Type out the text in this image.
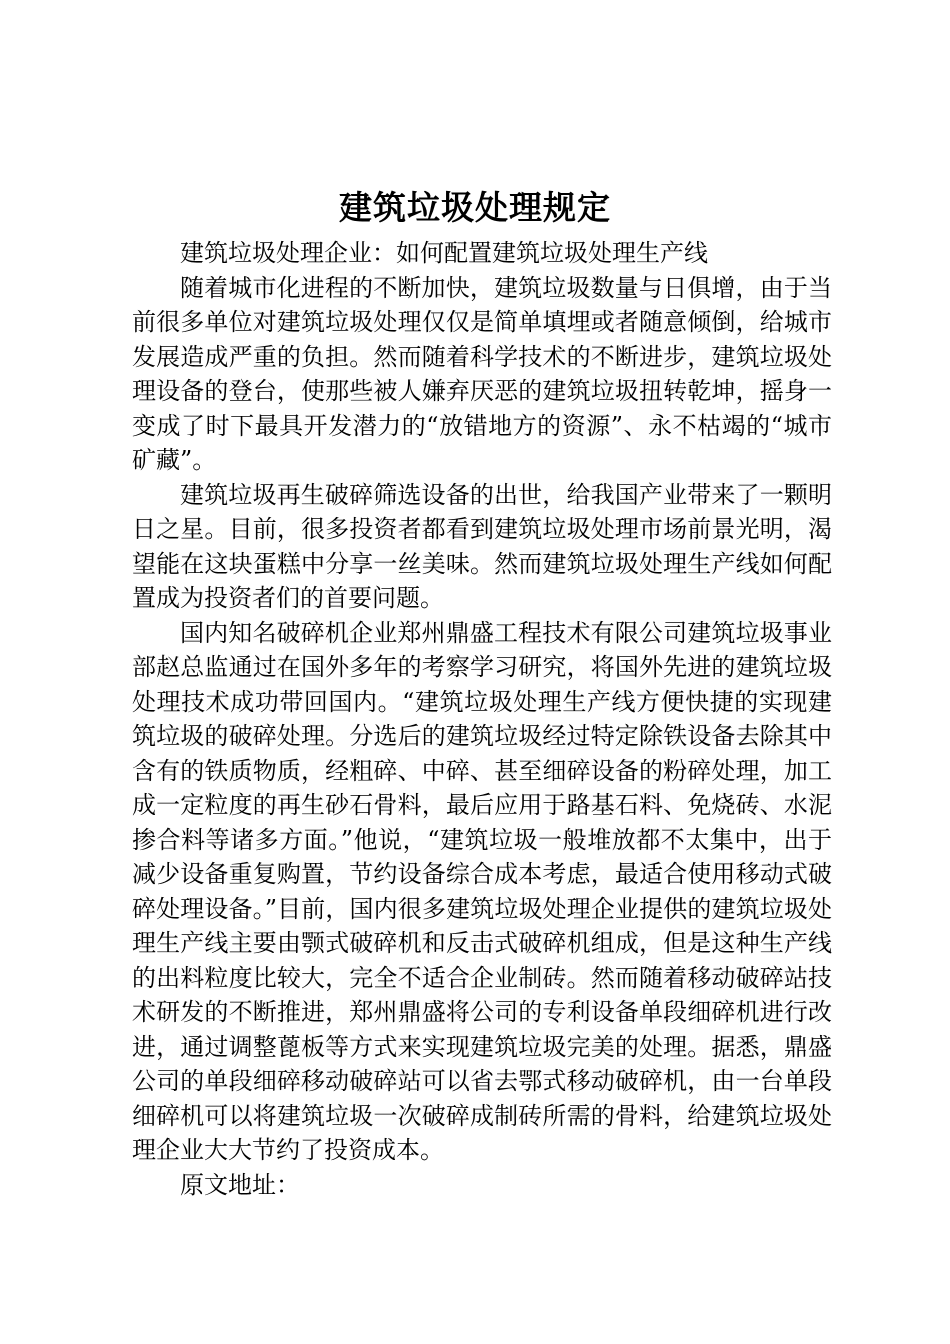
建筑垃圾处理规定

建筑垃圾处理企业：如何配置建筑垃圾处理生产线

随着城市化进程的不断加快，建筑垃圾数量与日俱增，由于当前很多单位对建筑垃圾处理仅仅是简单填埋或者随意倾倒，给城市发展造成严重的负担。然而随着科学技术的不断进步，建筑垃圾处理设备的登台，使那些被人嫌弃厌恶的建筑垃圾扭转乾坤，摇身一变成了时下最具开发潜力的“放错地方的资源”、永不枯竭的“城市矿藏”。

建筑垃圾再生破碎筛选设备的出世，给我国产业带来了一颗明日之星。目前，很多投资者都看到建筑垃圾处理市场前景光明，渴望能在这块蛋糕中分享一丝美味。然而建筑垃圾处理生产线如何配置成为投资者们的首要问题。

国内知名破碎机企业郑州鼎盛工程技术有限公司建筑垃圾事业部赵总监通过在国外多年的考察学习研究，将国外先进的建筑垃圾处理技术成功带回国内。“建筑垃圾处理生产线方便快捷的实现建筑垃圾的破碎处理。分选后的建筑垃圾经过特定除铁设备去除其中含有的铁质物质，经粗碎、中碎、甚至细碎设备的粉碎处理，加工成一定粒度的再生砂石骨料，最后应用于路基石料、免烧砖、水泥掺合料等诸多方面。”他说，“建筑垃圾一般堆放都不太集中，出于减少设备重复购置，节约设备综合成本考虑，最适合使用移动式破碎处理设备。”目前，国内很多建筑垃圾处理企业提供的建筑垃圾处理生产线主要由颚式破碎机和反击式破碎机组成，但是这种生产线的出料粒度比较大，完全不适合企业制砖。然而随着移动破碎站技术研发的不断推进，郑州鼎盛将公司的专利设备单段细碎机进行改进，通过调整蓖板等方式来实现建筑垃圾完美的处理。据悉，鼎盛公司的单段细碎移动破碎站可以省去鄂式移动破碎机，由一台单段细碎机可以将建筑垃圾一次破碎成制砖所需的骨料，给建筑垃圾处理企业大大节约了投资成本。

原文地址：
